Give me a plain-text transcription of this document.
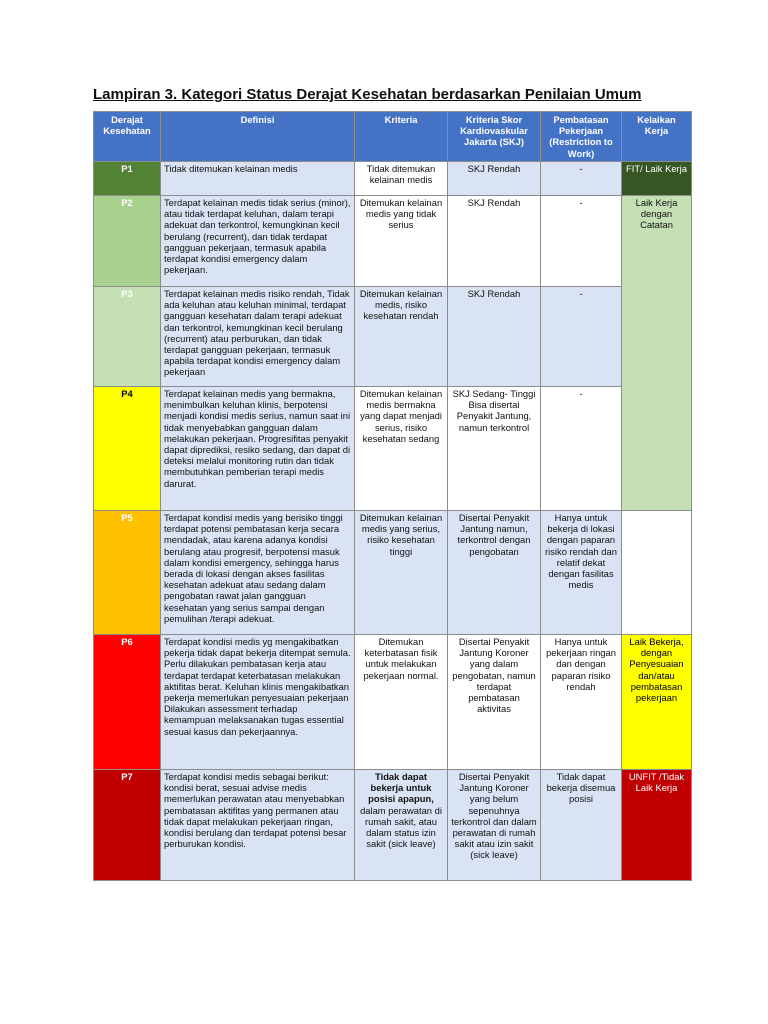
Lampiran 3. Kategori Status Derajat Kesehatan berdasarkan Penilaian Umum
Derajat Kesehatan	Definisi	Kriteria	Kriteria Skor Kardiovaskular Jakarta (SKJ)	Pembatasan Pekerjaan (Restriction to Work)	Kelaikan Kerja
P1	Tidak ditemukan kelainan medis	Tidak ditemukan kelainan medis	SKJ Rendah	-	FIT/ Laik Kerja
P2	Terdapat kelainan medis tidak serius (minor), atau tidak terdapat keluhan, dalam terapi adekuat dan terkontrol, kemungkinan kecil berulang (recurrent), dan tidak terdapat gangguan pekerjaan, termasuk apabila terdapat kondisi emergency dalam pekerjaan.	Ditemukan kelainan medis yang tidak serius	SKJ Rendah	-	Laik Kerja dengan Catatan
P3	Terdapat kelainan medis risiko rendah, Tidak ada keluhan atau keluhan minimal, terdapat gangguan kesehatan dalam terapi adekuat dan terkontrol, kemungkinan kecil berulang (recurrent) atau perburukan, dan tidak terdapat gangguan pekerjaan, termasuk apabila terdapat kondisi emergency dalam pekerjaan	Ditemukan kelainan medis, risiko kesehatan rendah	SKJ Rendah	-	
P4	Terdapat kelainan medis yang bermakna, menimbulkan keluhan klinis, berpotensi menjadi kondisi medis serius, namun saat ini tidak menyebabkan gangguan dalam melakukan pekerjaan. Progresifitas penyakit dapat diprediksi, resiko sedang, dan dapat di deteksi melalui monitoring rutin dan tidak membutuhkan pemberian terapi medis darurat.	Ditemukan kelainan medis bermakna yang dapat menjadi serius, risiko kesehatan sedang	SKJ Sedang- Tinggi Bisa disertai Penyakit Jantung, namun terkontrol	-	
P5	Terdapat kondisi medis yang berisiko tinggi terdapat potensi pembatasan kerja secara mendadak, atau karena adanya kondisi berulang atau progresif, berpotensi masuk dalam kondisi emergency, sehingga harus berada di lokasi dengan akses fasilitas kesehatan adekuat atau sedang dalam pengobatan rawat jalan gangguan kesehatan yang serius sampai dengan pemulihan /terapi adekuat.	Ditemukan kelainan medis yang serius, risiko kesehatan tinggi	Disertai Penyakit Jantung namun, terkontrol dengan pengobatan	Hanya untuk bekerja di lokasi dengan paparan risiko rendah dan relatif dekat dengan fasilitas medis	
P6	Terdapat kondisi medis yg mengakibatkan pekerja tidak dapat bekerja ditempat semula. Perlu dilakukan pembatasan kerja atau terdapat terdapat keterbatasan melakukan aktifitas berat. Keluhan klinis mengakibatkan pekerja memerlukan penyesuaian pekerjaan Dilakukan assessment terhadap kemampuan melaksanakan tugas essential sesuai kasus dan pekerjaannya.	Ditemukan keterbatasan fisik untuk melakukan pekerjaan normal.	Disertai Penyakit Jantung Koroner yang dalam pengobatan, namun terdapat pembatasan aktivitas	Hanya untuk pekerjaan ringan dan dengan paparan risiko rendah	Laik Bekerja, dengan Penyesuaian dan/atau pembatasan pekerjaan
P7	Terdapat kondisi medis sebagai berikut: kondisi berat, sesuai advise medis memerlukan perawatan atau menyebabkan pembatasan aktifitas yang permanen atau tidak dapat melakukan pekerjaan ringan, kondisi berulang dan terdapat potensi besar perburukan kondisi.	Tidak dapat bekerja untuk posisi apapun, dalam perawatan di rumah sakit, atau dalam status izin sakit (sick leave)	Disertai Penyakit Jantung Koroner yang belum sepenuhnya terkontrol dan dalam perawatan di rumah sakit atau izin sakit (sick leave)	Tidak dapat bekerja disemua posisi	UNFIT /Tidak Laik Kerja
